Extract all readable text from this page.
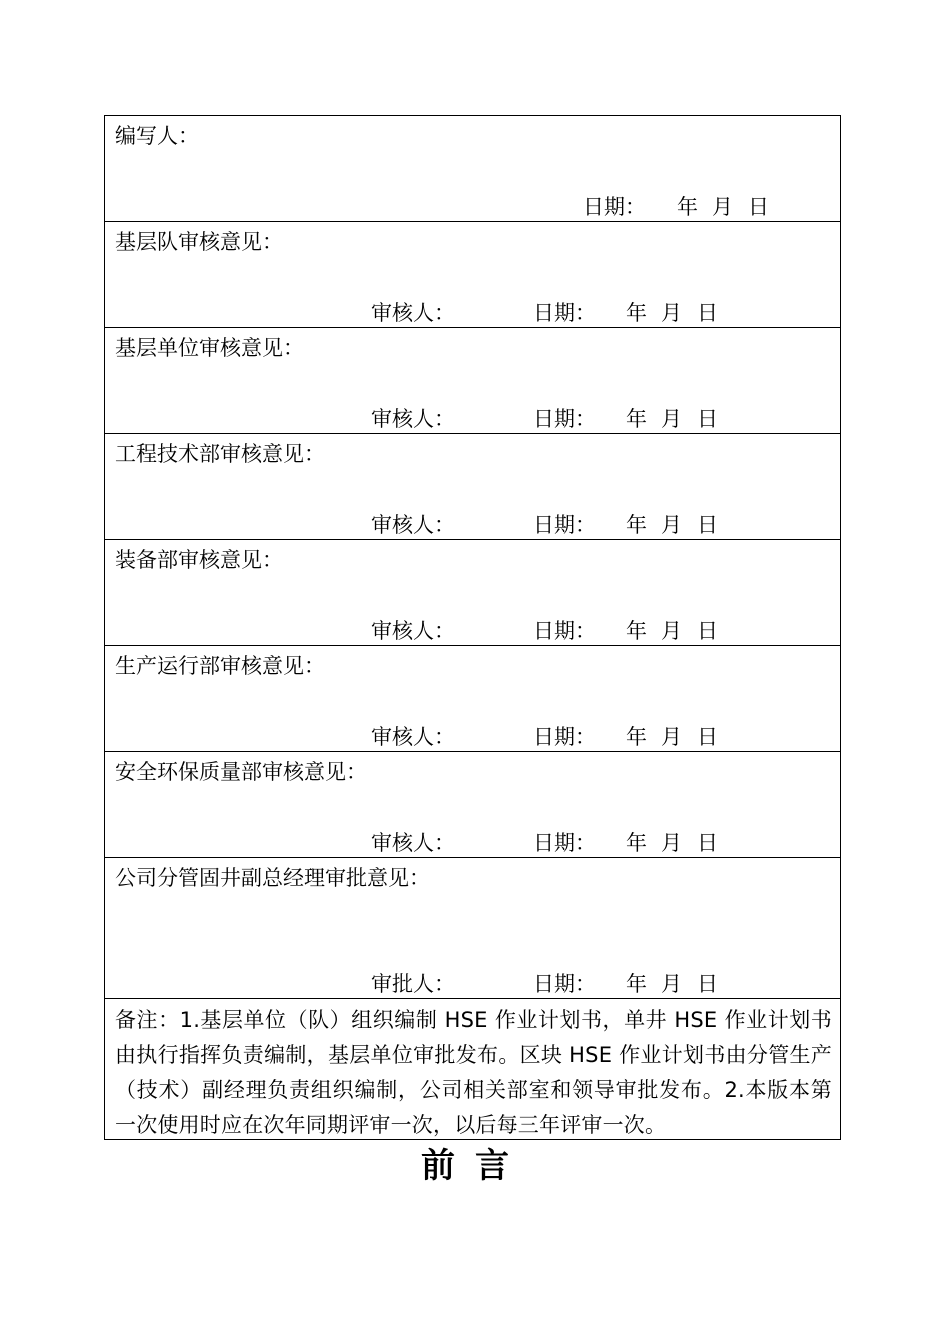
编写人：
日期： 年 月 日
基层队审核意见：
审核人：	日期： 年 月 日
基层单位审核意见：
审核人：	日期： 年 月 日
工程技术部审核意见：
审核人：	日期： 年 月 日
装备部审核意见：
审核人：	日期： 年 月 日
生产运行部审核意见：
审核人：	日期： 年 月 日
安全环保质量部审核意见：
审核人：	日期： 年 月 日
公司分管固井副总经理审批意见：
审批人：	日期： 年 月 日
备注：1.基层单位（队）组织编制 HSE 作业计划书，单井 HSE 作业计划书由执行指挥负责编制，基层单位审批发布。区块 HSE 作业计划书由分管生产（技术）副经理负责组织编制，公司相关部室和领导审批发布。2.本版本第一次使用时应在次年同期评审一次，以后每三年评审一次。
前言
